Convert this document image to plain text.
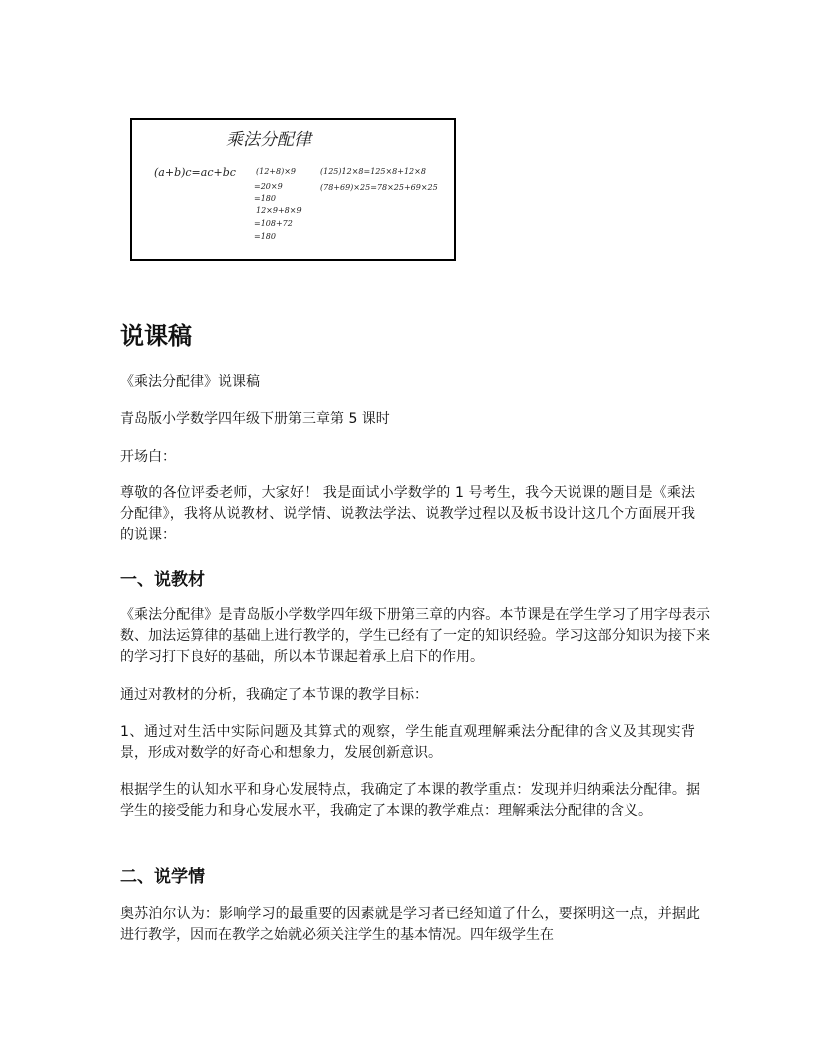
乘法分配律
(a+b)c=ac+bc	(12+8)×9
=20×9
=180
12×9+8×9
=108+72
=180
(125)12×8=125×8+12×8
(78+69)×25=78×25+69×25
说课稿

《乘法分配律》说课稿

青岛版小学数学四年级下册第三章第 5 课时

开场白：

尊敬的各位评委老师，大家好！ 我是面试小学数学的 1 号考生，我今天说课的题目是《乘法分配律》，我将从说教材、说学情、说教法学法、说教学过程以及板书设计这几个方面展开我的说课：

一、说教材

《乘法分配律》是青岛版小学数学四年级下册第三章的内容。本节课是在学生学习了用字母表示数、加法运算律的基础上进行教学的，学生已经有了一定的知识经验。学习这部分知识为接下来的学习打下良好的基础，所以本节课起着承上启下的作用。

通过对教材的分析，我确定了本节课的教学目标：

1、通过对生活中实际问题及其算式的观察，学生能直观理解乘法分配律的含义及其现实背景，形成对数学的好奇心和想象力，发展创新意识。

根据学生的认知水平和身心发展特点，我确定了本课的教学重点：发现并归纳乘法分配律。据学生的接受能力和身心发展水平，我确定了本课的教学难点：理解乘法分配律的含义。

二、说学情

奥苏泊尔认为：影响学习的最重要的因素就是学习者已经知道了什么，要探明这一点，并据此进行教学，因而在教学之始就必须关注学生的基本情况。四年级学生在
